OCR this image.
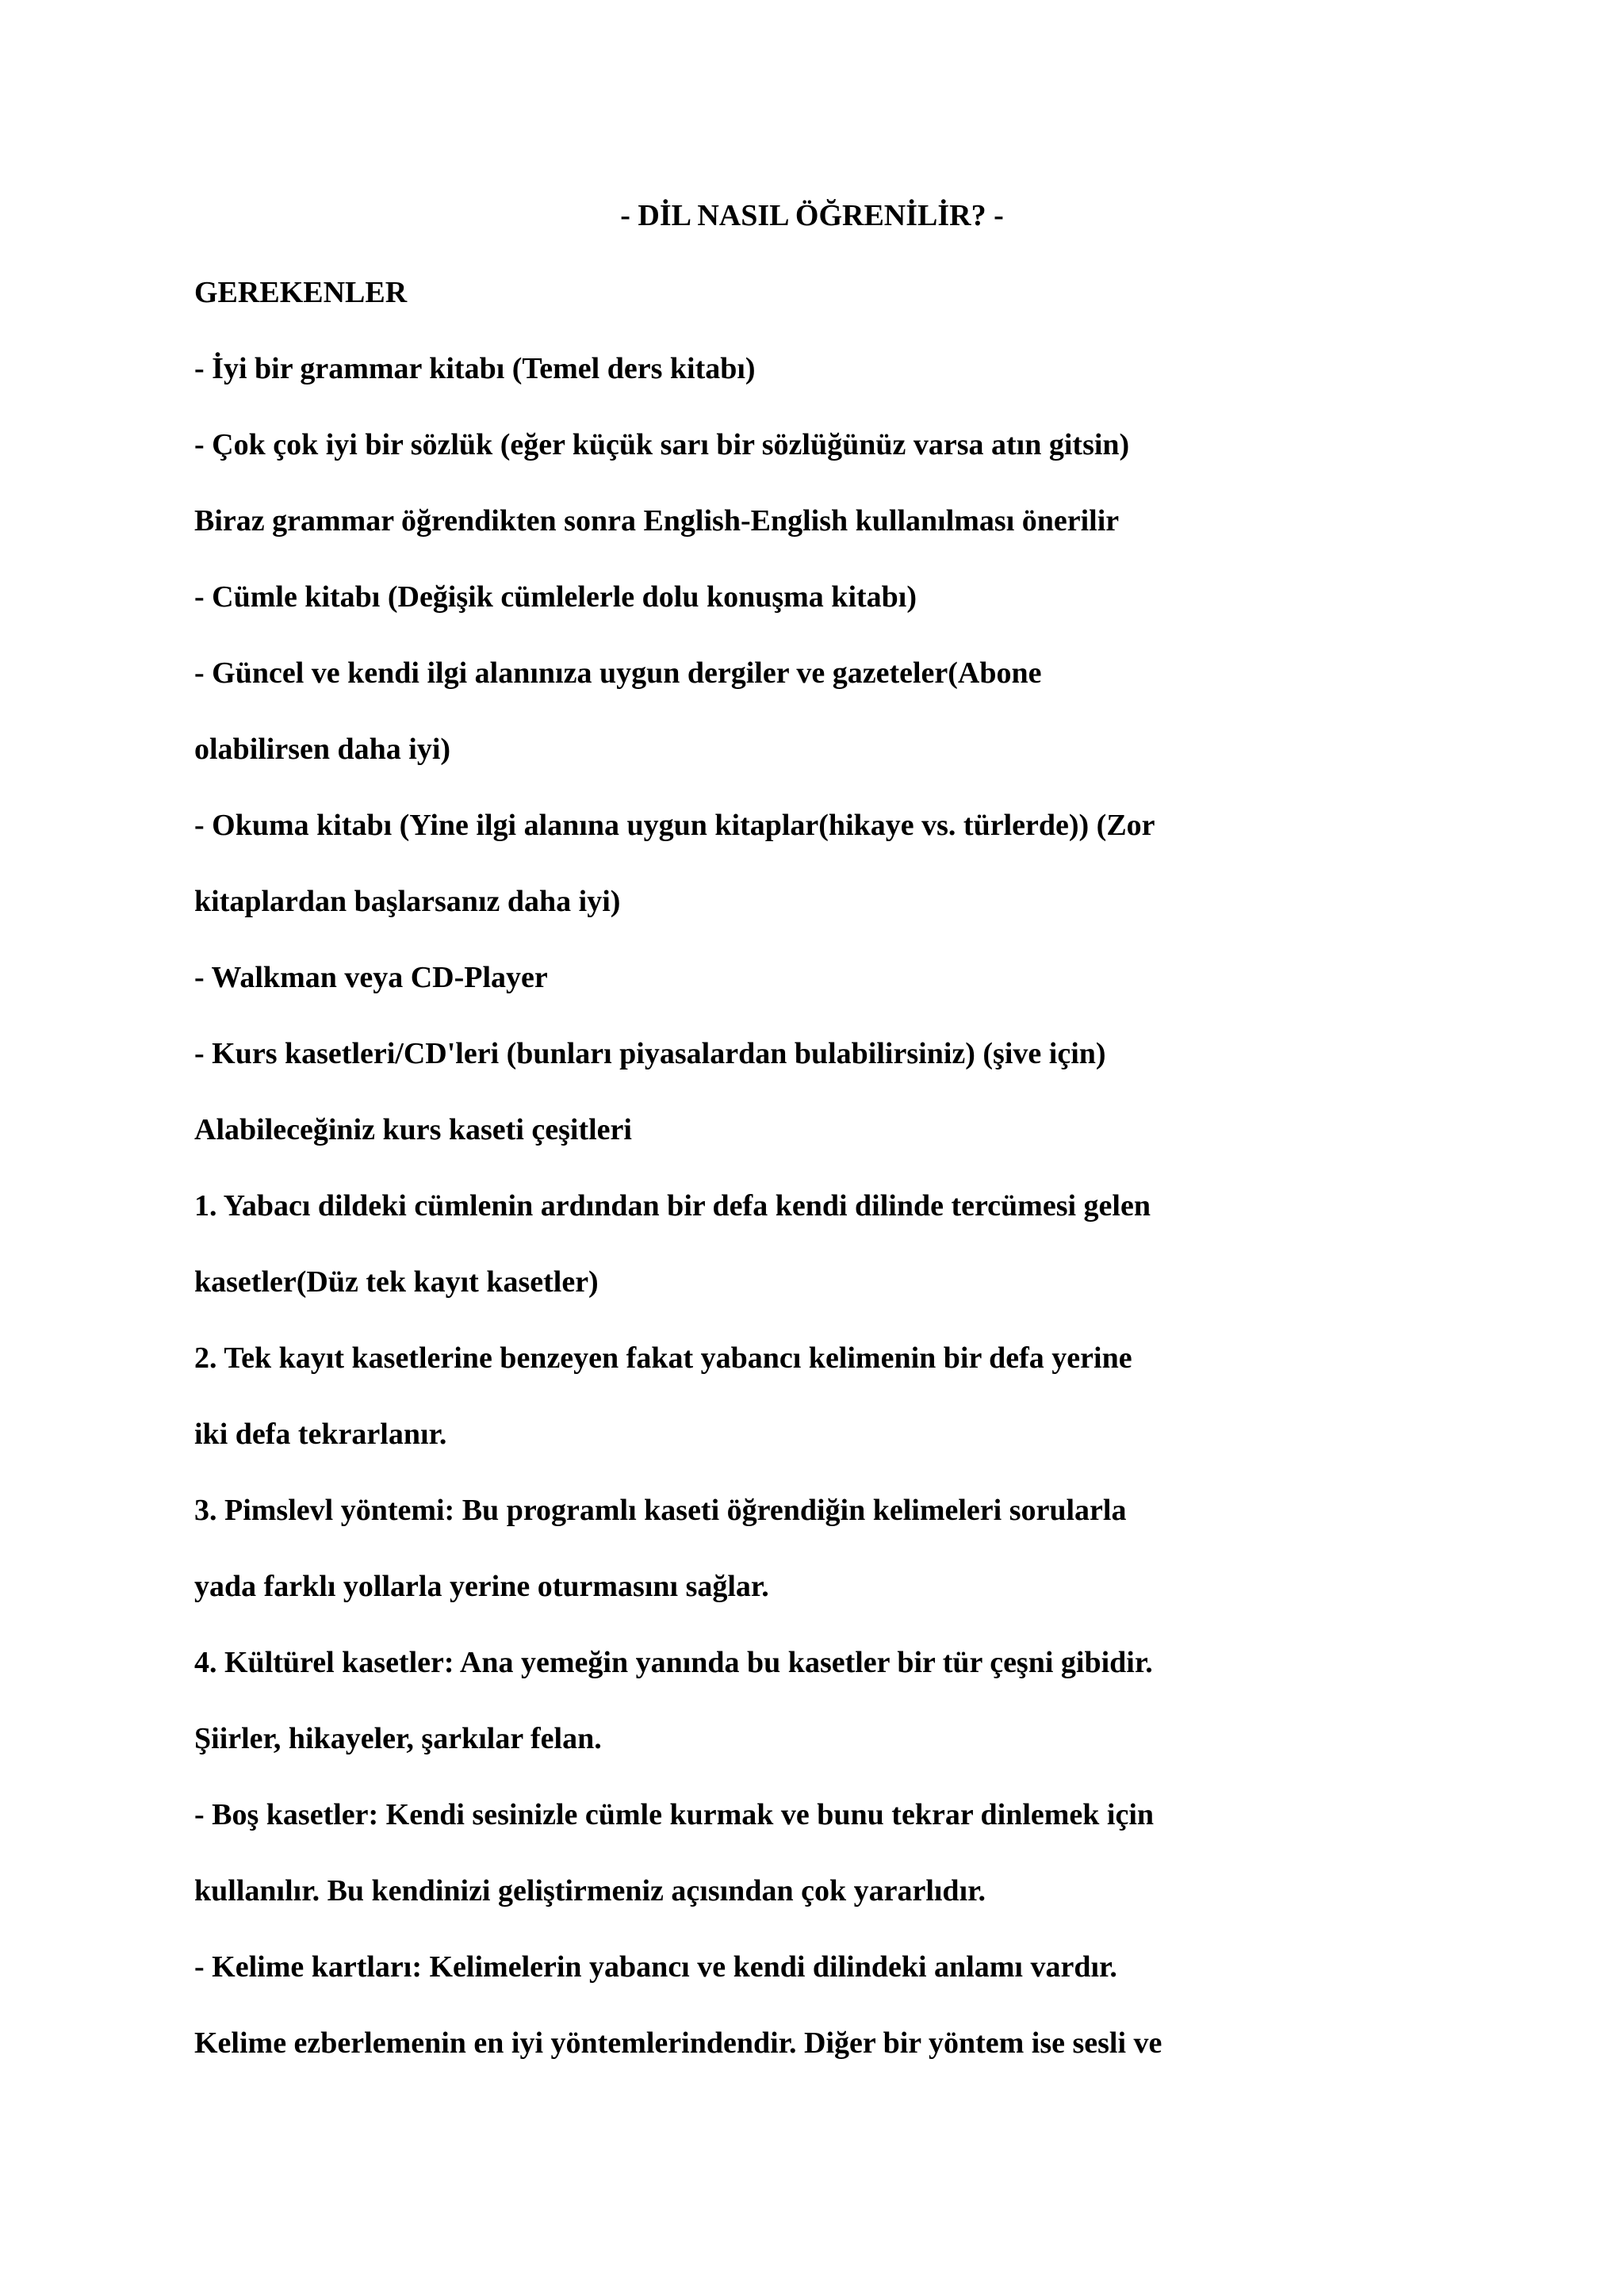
- DİL NASIL ÖĞRENİLİR? -
GEREKENLER
- İyi bir grammar kitabı (Temel ders kitabı)
- Çok çok iyi bir sözlük (eğer küçük sarı bir sözlüğünüz varsa atın gitsin)
Biraz grammar öğrendikten sonra English-English kullanılması önerilir
- Cümle kitabı (Değişik cümlelerle dolu konuşma kitabı)
- Güncel ve kendi ilgi alanınıza uygun dergiler ve gazeteler(Abone
olabilirsen daha iyi)
- Okuma kitabı (Yine ilgi alanına uygun kitaplar(hikaye vs. türlerde)) (Zor
kitaplardan başlarsanız daha iyi)
- Walkman veya CD-Player
- Kurs kasetleri/CD'leri (bunları piyasalardan bulabilirsiniz) (şive için)
Alabileceğiniz kurs kaseti çeşitleri
1. Yabacı dildeki cümlenin ardından bir defa kendi dilinde tercümesi gelen
kasetler(Düz tek kayıt kasetler)
2. Tek kayıt kasetlerine benzeyen fakat yabancı kelimenin bir defa yerine
iki defa tekrarlanır.
3. Pimslevl yöntemi: Bu programlı kaseti öğrendiğin kelimeleri sorularla
yada farklı yollarla yerine oturmasını sağlar.
4. Kültürel kasetler: Ana yemeğin yanında bu kasetler bir tür çeşni gibidir.
Şiirler, hikayeler, şarkılar felan.
- Boş kasetler: Kendi sesinizle cümle kurmak ve bunu tekrar dinlemek için
kullanılır. Bu kendinizi geliştirmeniz açısından çok yararlıdır.
- Kelime kartları: Kelimelerin yabancı ve kendi dilindeki anlamı vardır.
Kelime ezberlemenin en iyi yöntemlerindendir. Diğer bir yöntem ise sesli ve
